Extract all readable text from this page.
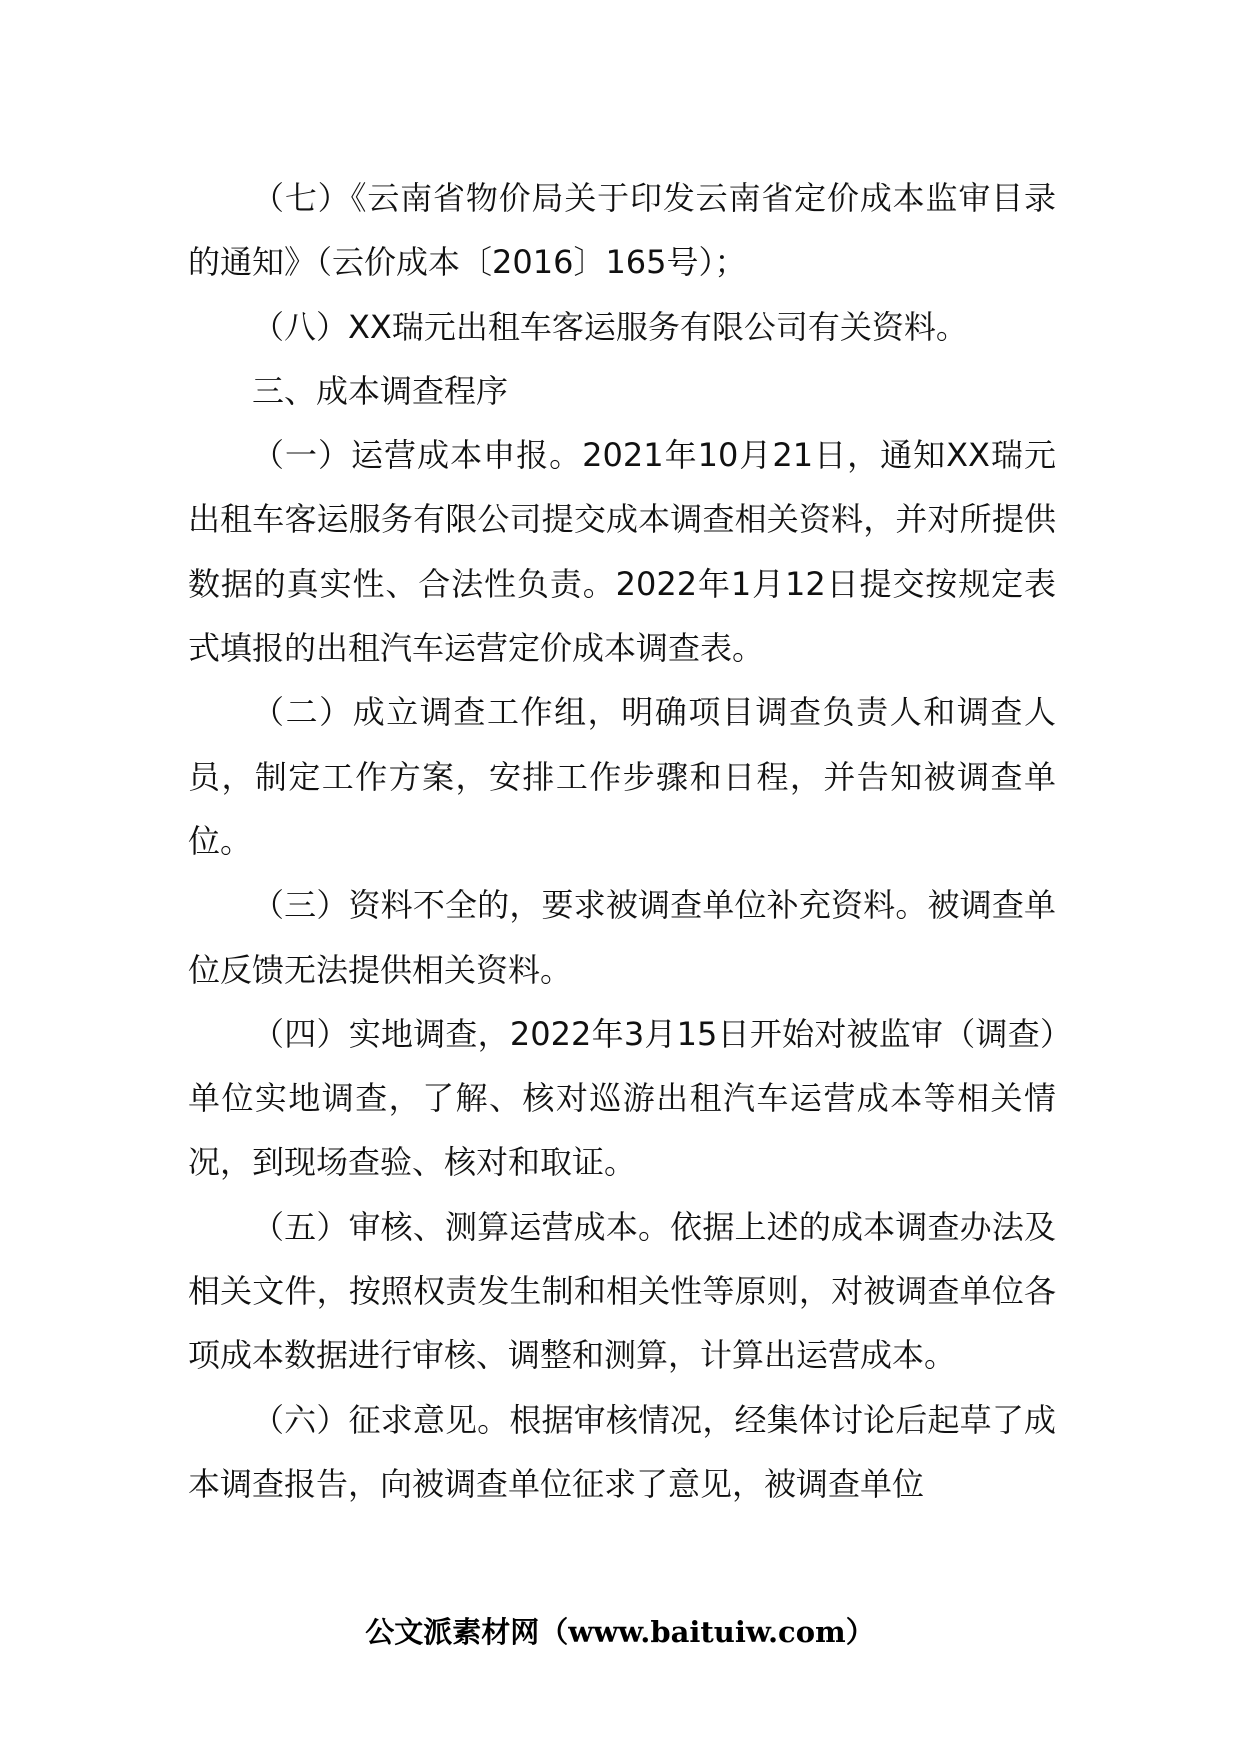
（七）《云南省物价局关于印发云南省定价成本监审目录的通知》（云价成本〔2016〕165号）；

（八）XX瑞元出租车客运服务有限公司有关资料。

三、成本调查程序

（一）运营成本申报。2021年10月21日，通知XX瑞元出租车客运服务有限公司提交成本调查相关资料，并对所提供数据的真实性、合法性负责。2022年1月12日提交按规定表式填报的出租汽车运营定价成本调查表。

（二）成立调查工作组，明确项目调查负责人和调查人员，制定工作方案，安排工作步骤和日程，并告知被调查单位。

（三）资料不全的，要求被调查单位补充资料。被调查单位反馈无法提供相关资料。

（四）实地调查，2022年3月15日开始对被监审（调查）单位实地调查，了解、核对巡游出租汽车运营成本等相关情况，到现场查验、核对和取证。

（五）审核、测算运营成本。依据上述的成本调查办法及相关文件，按照权责发生制和相关性等原则，对被调查单位各项成本数据进行审核、调整和测算，计算出运营成本。

（六）征求意见。根据审核情况，经集体讨论后起草了成本调查报告，向被调查单位征求了意见，被调查单位

公文派素材网（www.baituiw.com）
